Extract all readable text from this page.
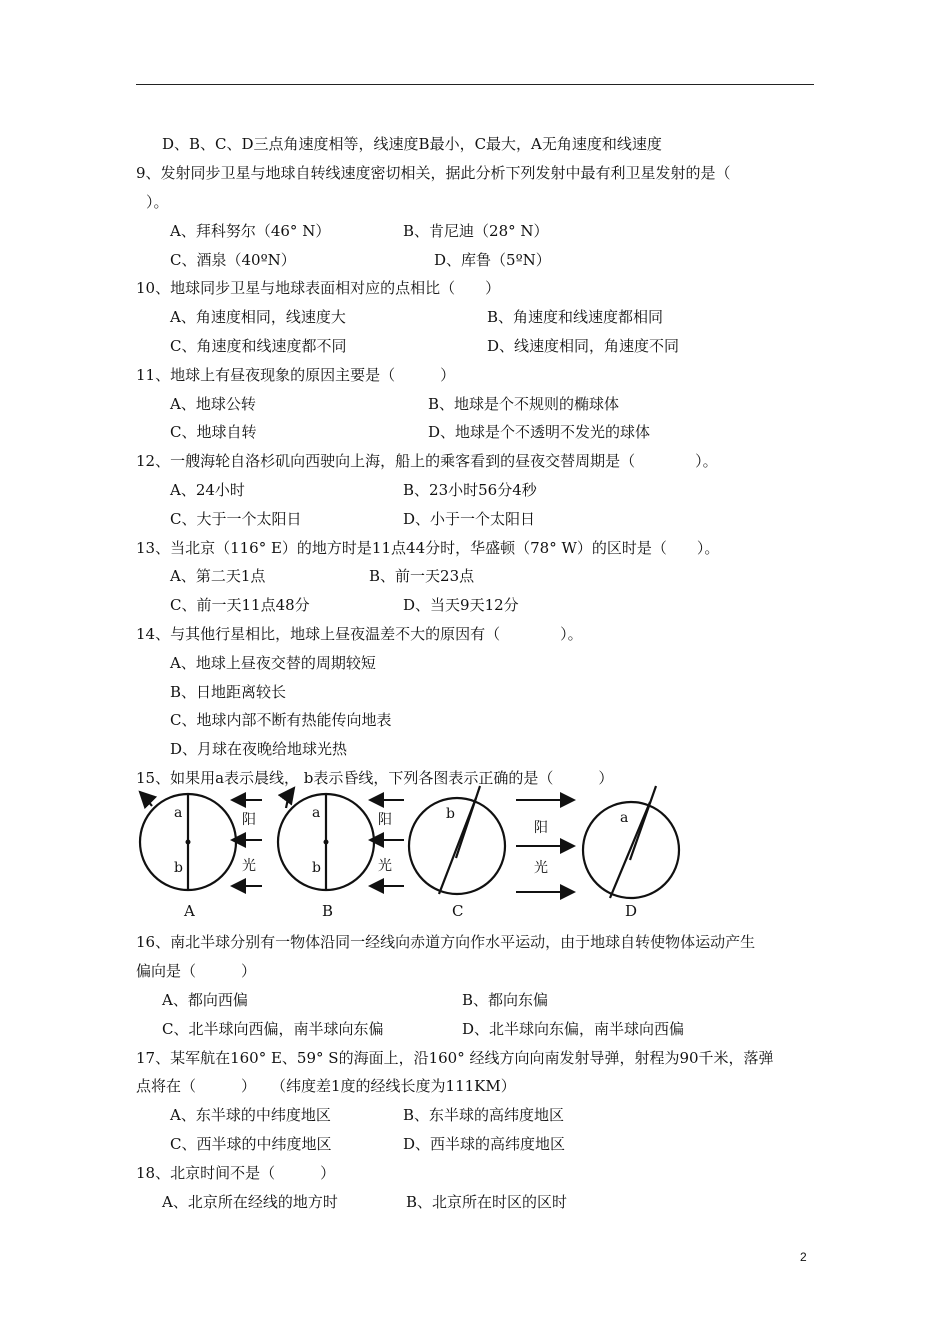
D、B、C、D三点角速度相等，线速度B最小，C最大，A无角速度和线速度
9、发射同步卫星与地球自转线速度密切相关，据此分析下列发射中最有利卫星发射的是（
）。
A、拜科努尔（46° N）	B、肯尼迪（28° N）
C、酒泉（40ºN）	D、库鲁（5ºN）
10、地球同步卫星与地球表面相对应的点相比（　　）
A、角速度相同，线速度大	B、角速度和线速度都相同
C、角速度和线速度都不同	D、线速度相同，角速度不同
11、地球上有昼夜现象的原因主要是（　　　）
A、地球公转	B、地球是个不规则的椭球体
C、地球自转	D、地球是个不透明不发光的球体
12、一艘海轮自洛杉矶向西驶向上海，船上的乘客看到的昼夜交替周期是（　　　　）。
A、24小时	B、23小时56分4秒
C、大于一个太阳日	D、小于一个太阳日
13、当北京（116° E）的地方时是11点44分时，华盛顿（78° W）的区时是（　　）。
A、第二天1点	B、前一天23点
C、前一天11点48分	D、当天9天12分
14、与其他行星相比，地球上昼夜温差不大的原因有（　　　　）。
A、地球上昼夜交替的周期较短
B、日地距离较长
C、地球内部不断有热能传向地表
D、月球在夜晚给地球光热
15、如果用a表示晨线， b表示昏线，下列各图表示正确的是（　　　）
a
b
a
b
b	a
阳
光
阳
光
阳
光
A	B	C	D
16、南北半球分别有一物体沿同一经线向赤道方向作水平运动，由于地球自转使物体运动产生
偏向是（　　　）
A、都向西偏	B、都向东偏
C、北半球向西偏，南半球向东偏	D、北半球向东偏，南半球向西偏
17、某军航在160° E、59° S的海面上，沿160° 经线方向向南发射导弹，射程为90千米，落弹
点将在（　　　）　　（纬度差1度的经线长度为111KM）
A、东半球的中纬度地区	B、东半球的高纬度地区
C、西半球的中纬度地区	D、西半球的高纬度地区
18、北京时间不是（　　　）
A、北京所在经线的地方时	B、北京所在时区的区时
2
